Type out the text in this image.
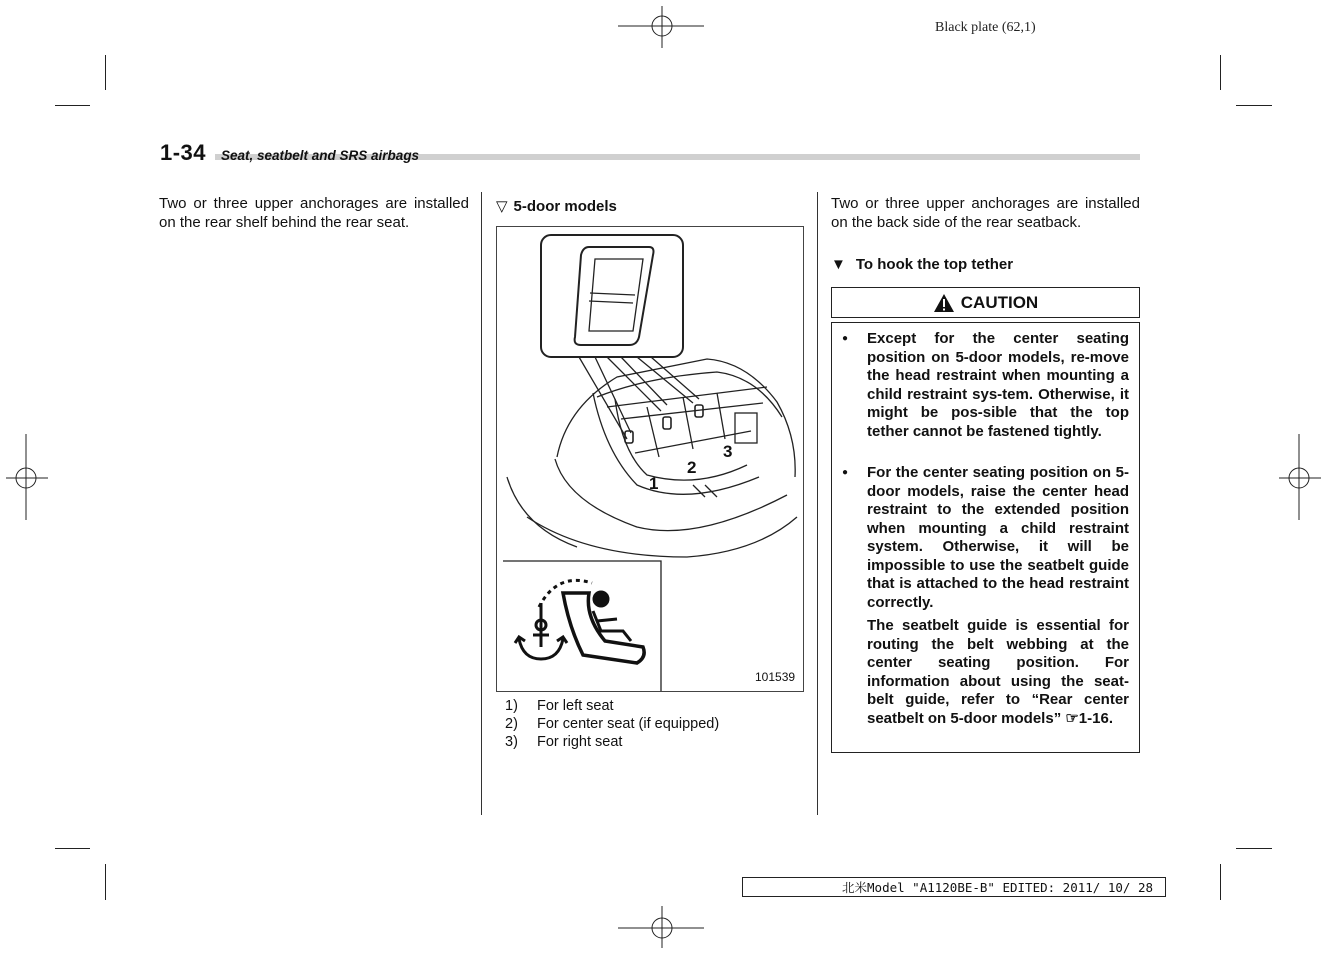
Black plate (62,1)
1-34 Seat, seatbelt and SRS airbags
Two or three upper anchorages are installed on the rear shelf behind the rear seat.
▽ 5-door models
1
2
3
101539
1)	For left seat
2)	For center seat (if equipped)
3)	For right seat
Two or three upper anchorages are installed on the back side of the rear seatback.
▼ To hook the top tether
CAUTION
● Except for the center seating position on 5-door models, re-move the head restraint when mounting a child restraint sys-tem. Otherwise, it might be pos-sible that the top tether cannot be fastened tightly.
● For the center seating position on 5-door models, raise the center head restraint to the extended position when mounting a child restraint system. Otherwise, it will be impossible to use the seatbelt guide that is attached to the head restraint correctly.
The seatbelt guide is essential for routing the belt webbing at the center seating position. For information about using the seat-belt guide, refer to “Rear center seatbelt on 5-door models” ☞1-16.
北米Model "A1120BE-B" EDITED: 2011/ 10/ 28
